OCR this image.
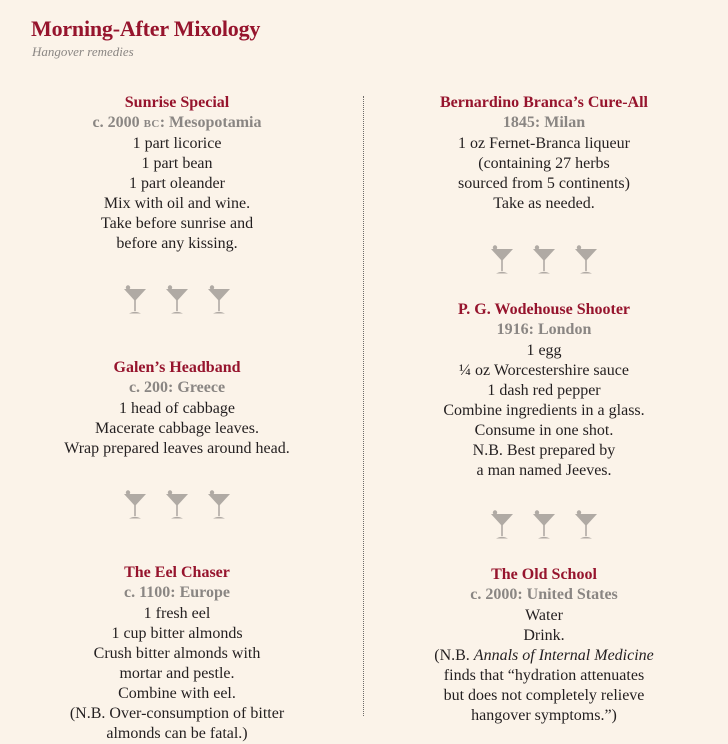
Morning-After Mixology
Hangover remedies
Sunrise Special
c. 2000 BC: Mesopotamia
1 part licorice
1 part bean
1 part oleander
Mix with oil and wine.
Take before sunrise and
before any kissing.
Galen’s Headband
c. 200: Greece
1 head of cabbage
Macerate cabbage leaves.
Wrap prepared leaves around head.
The Eel Chaser
c. 1100: Europe
1 fresh eel
1 cup bitter almonds
Crush bitter almonds with
mortar and pestle.
Combine with eel.
(N.B. Over-consumption of bitter
almonds can be fatal.)
Bernardino Branca’s Cure-All
1845: Milan
1 oz Fernet-Branca liqueur
(containing 27 herbs
sourced from 5 continents)
Take as needed.
P. G. Wodehouse Shooter
1916: London
1 egg
¼ oz Worcestershire sauce
1 dash red pepper
Combine ingredients in a glass.
Consume in one shot.
N.B. Best prepared by
a man named Jeeves.
The Old School
c. 2000: United States
Water
Drink.
(N.B. Annals of Internal Medicine
finds that “hydration attenuates
but does not completely relieve
hangover symptoms.”)
